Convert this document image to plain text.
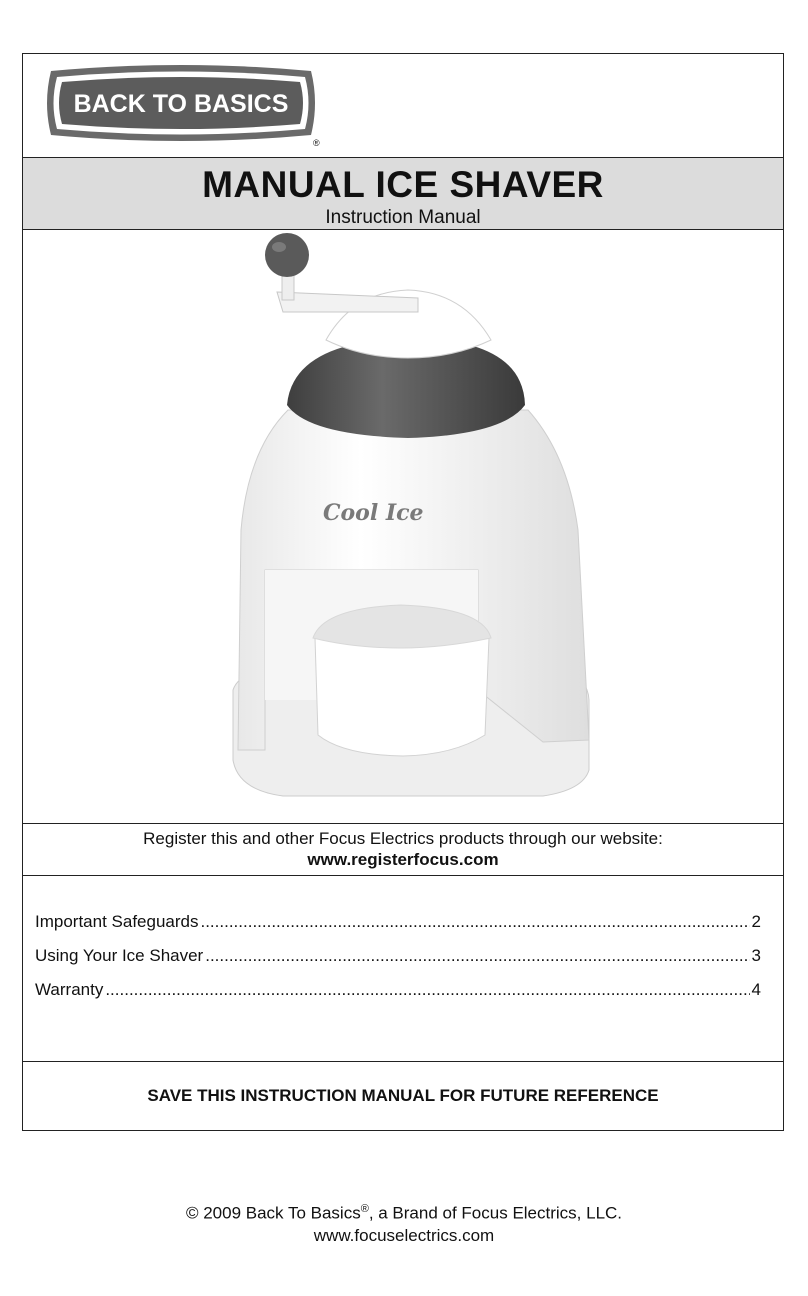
BACK TO BASICS
®
MANUAL ICE SHAVER
Instruction Manual
Cool Ice
Register this and other Focus Electrics products through our website:
www.registerfocus.com
Important Safeguards .....	2
Using Your Ice Shaver .....	3
Warranty .....	4
SAVE THIS INSTRUCTION MANUAL FOR FUTURE REFERENCE
© 2009 Back To Basics®, a Brand of Focus Electrics, LLC.
www.focuselectrics.com
